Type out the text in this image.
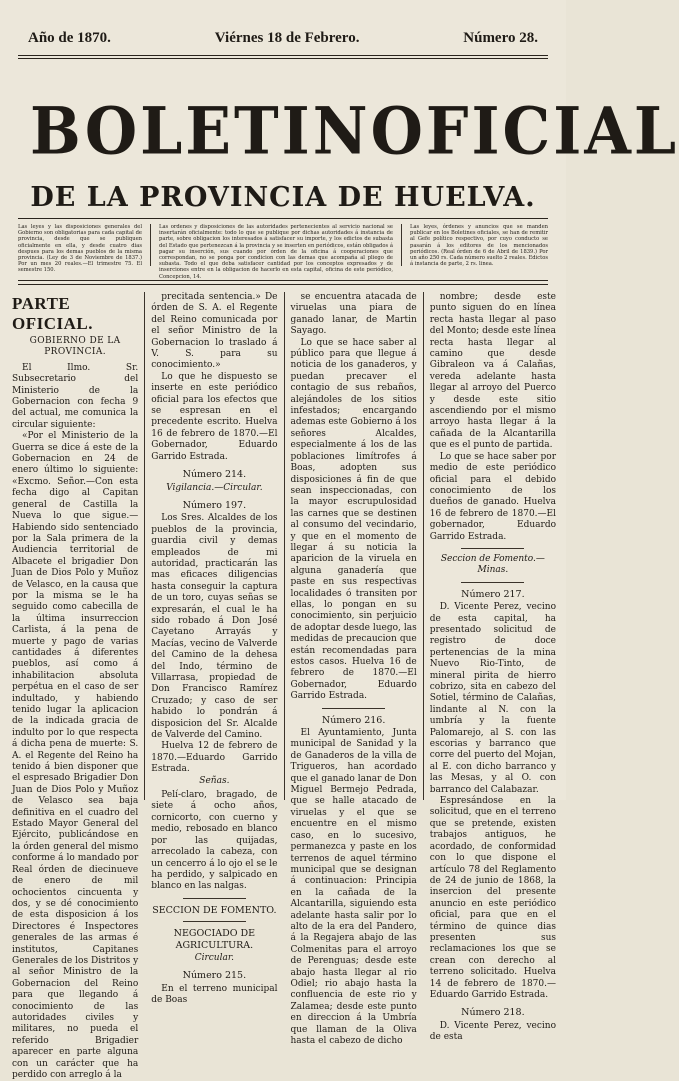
Año de 1870.	Viérnes 18 de Febrero.	Número 28.
BOLETIN OFICIAL
DE LA PROVINCIA DE HUELVA.
Las leyes y las disposiciones generales del Gobierno son obligatorias para cada capital de provincia, desde que se publiquen oficialmente en ella, y desde cuatro dias despues para los demas pueblos de la misma provincia. (Ley de 3 de Noviembre de 1837.) Por un mes 20 reales.—El trimestre 75. El semestre 150.
Las ordenes y disposiciones de las autoridades pertenecientes al servicio nacional se insertarán oficialmente: todo lo que se publique por dichas autoridades á instancia de parte, sobre obligacion los interesados á satisfacer su importe, y los edictos de subasta del Estado que pertenezcan á la provincia y se inserten en periódicos, están obligados á pagar su inserción, sus cuando por órden de la oficina á cooperaciones que correspondan, no se ponga por condicion con las demas que acompaña al pliego de subasta. Todo el que deba satisfacer cantidad por los conceptos expresados y de inserciones entre en la obligacion de hacerlo en esta capital, oficina de este periódico, Concepcion, 14.
Las leyes, órdenes y anuncios que se manden publicar en los Boletines oficiales, se han de remitir al Gefe político respectivo, por cuyo conducto se pasarán á los editores de los mencionados periódicos. (Real órden de 6 de Abril de 1839.) Por un año 250 rs. Cada número suelto 2 reales. Edictos á instancia de parte, 2 rs. linea.
PARTE OFICIAL.
GOBIERNO DE LA PROVINCIA.

El Ilmo. Sr. Subsecretario del Ministerio de la Gobernacion con fecha 9 del actual, me comunica la circular siguiente:

«Por el Ministerio de la Guerra se dice á este de la Gobernacion en 24 de enero último lo siguiente: «Excmo. Señor.—Con esta fecha digo al Capitan general de Castilla la Nueva lo que sigue.— Habiendo sido sentenciado por la Sala primera de la Audiencia territorial de Albacete el brigadier Don Juan de Dios Polo y Muñoz de Velasco, en la causa que por la misma se le ha seguido como cabecilla de la última insurreccion Carlista, á la pena de muerte y pago de varias cantidades á diferentes pueblos, así como á inhabilitacion absoluta perpétua en el caso de ser indultado, y habiendo tenido lugar la aplicacion de la indicada gracia de indulto por lo que respecta á dicha pena de muerte: S. A. el Regente del Reino ha tenido á bien disponer que el espresado Brigadier Don Juan de Dios Polo y Muñoz de Velasco sea baja definitiva en el cuadro del Estado Mayor General del Ejército, publicándose en la órden general del mismo conforme á lo mandado por Real órden de diecinueve de enero de mil ochocientos cincuenta y dos, y se dé conocimiento de esta disposicion á los Directores é Inspectores generales de las armas é institutos, Capitanes Generales de los Distritos y al señor Ministro de la Gobernacion del Reino para que llegando á conocimiento de las autoridades civiles y militares, no pueda el referido Brigadier aparecer en parte alguna con un carácter que ha perdido con arreglo á la

precitada sentencia.» De órden de S. A. el Regente del Reino comunicada por el señor Ministro de la Gobernacion lo traslado á V. S. para su conocimiento.»

Lo que he dispuesto se inserte en este periódico oficial para los efectos que se espresan en el precedente escrito. Huelva 16 de febrero de 1870.—El Gobernador, Eduardo Garrido Estrada.

Número 214.
Vigilancia.—Circular.
Número 197.

Los Sres. Alcaldes de los pueblos de la provincia, guardia civil y demas empleados de mi autoridad, practicarán las mas eficaces diligencias hasta conseguir la captura de un toro, cuyas señas se expresarán, el cual le ha sido robado á Don José Cayetano Arrayás y Macías, vecino de Valverde del Camino de la dehesa del Indo, término de Villarrasa, propiedad de Don Francisco Ramírez Cruzado; y caso de ser habido lo pondrán á disposicion del Sr. Alcalde de Valverde del Camino.

Huelva 12 de febrero de 1870.—Eduardo Garrido Estrada.

Señas.

Pelí-claro, bragado, de siete á ocho años, cornicorto, con cuerno y medio, rebosado en blanco por las quijadas, arrecolado la cabeza, con un cencerro á lo ojo el se le ha perdido, y salpicado en blanco en las nalgas.

SECCION DE FOMENTO.
NEGOCIADO DE AGRICULTURA.
Circular.
Número 215.

En el terreno municipal de Boas

se encuentra atacada de viruelas una piara de ganado lanar, de Martin Sayago.

Lo que se hace saber al público para que llegue á noticia de los ganaderos, y puedan precaver el contagio de sus rebaños, alejándoles de los sitios infestados; encargando ademas este Gobierno á los señores Alcaldes, especialmente á los de las poblaciones limítrofes á Boas, adopten sus disposiciones á fin de que sean inspeccionadas, con la mayor escrupulosidad las carnes que se destinen al consumo del vecindario, y que en el momento de llegar á su noticia la aparicion de la viruela en alguna ganadería que paste en sus respectivas localidades ó transiten por ellas, lo pongan en su conocimiento, sin perjuicio de adoptar desde luego, las medidas de precaucion que están recomendadas para estos casos. Huelva 16 de febrero de 1870.—El Gobernador, Eduardo Garrido Estrada.

Número 216.

El Ayuntamiento, Junta municipal de Sanidad y la de Ganaderos de la villa de Trigueros, han acordado que el ganado lanar de Don Miguel Bermejo Pedrada, que se halle atacado de viruelas y el que se encuentre en el mismo caso, en lo sucesivo, permanezca y paste en los terrenos de aquel término municipal que se designan á continuacion: Principia en la cañada de la Alcantarilla, siguiendo esta adelante hasta salir por lo alto de la era del Pandero, á la Regajera abajo de las Colmenitas para el arroyo de Perenguas; desde este abajo hasta llegar al rio Odiel; rio abajo hasta la confluencia de este rio y Zalamea; desde este punto en direccion á la Umbría que llaman de la Oliva hasta el cabezo de dicho

nombre; desde este punto siguen do en línea recta hasta llegar al paso del Monto; desde este línea recta hasta llegar al camino que desde Gibraleon va á Calañas, vereda adelante hasta llegar al arroyo del Puerco y desde este sitio ascendiendo por el mismo arroyo hasta llegar á la cañada de la Alcantarilla que es el punto de partida.

Lo que se hace saber por medio de este periódico oficial para el debido conocimiento de los dueños de ganado. Huelva 16 de febrero de 1870.—El gobernador, Eduardo Garrido Estrada.

Seccion de Fomento.—Minas.
Número 217.

D. Vicente Perez, vecino de esta capital, ha presentado solicitud de registro de doce pertenencias de la mina Nuevo Rio-Tinto, de mineral pirita de hierro cobrizo, sita en cabezo del Sotiel, término de Calañas, lindante al N. con la umbría y la fuente Palomarejo, al S. con las escorias y barranco que corre del puerto del Mojan, al E. con dicho barranco y las Mesas, y al O. con barranco del Calabazar.

Espresándose en la solicitud, que en el terreno que se pretende, existen trabajos antiguos, he acordado, de conformidad con lo que dispone el artículo 78 del Reglamento de 24 de junio de 1868, la insercion del presente anuncio en este periódico oficial, para que en el término de quince dias presenten sus reclamaciones los que se crean con derecho al terreno solicitado. Huelva 14 de febrero de 1870.—Eduardo Garrido Estrada.

Número 218.

D. Vicente Perez, vecino de esta
